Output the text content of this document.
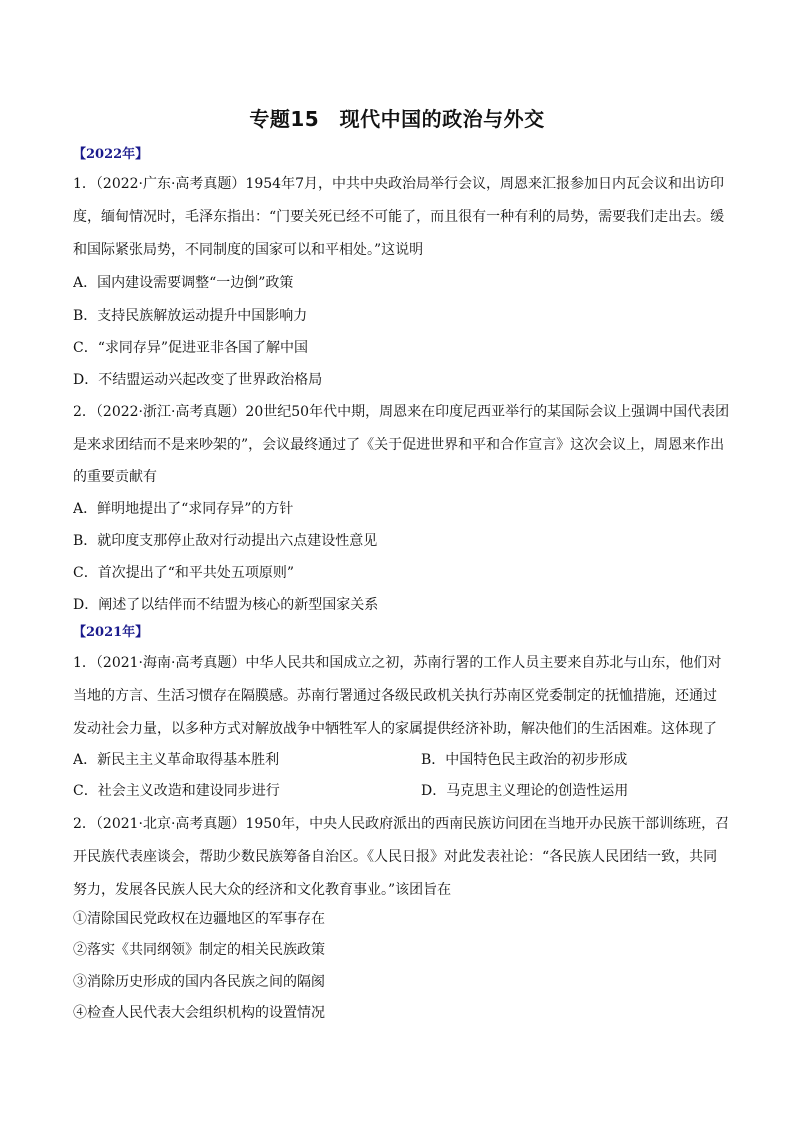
专题15　现代中国的政治与外交
【2022年】
1．（2022·广东·高考真题）1954年7月，中共中央政治局举行会议，周恩来汇报参加日内瓦会议和出访印
度，缅甸情况时，毛泽东指出：“门要关死已经不可能了，而且很有一种有利的局势，需要我们走出去。缓
和国际紧张局势，不同制度的国家可以和平相处。”这说明
A．国内建设需要调整“一边倒”政策
B．支持民族解放运动提升中国影响力
C．“求同存异”促进亚非各国了解中国
D．不结盟运动兴起改变了世界政治格局
2．（2022·浙江·高考真题）20世纪50年代中期，周恩来在印度尼西亚举行的某国际会议上强调中国代表团
是来求团结而不是来吵架的”，会议最终通过了《关于促进世界和平和合作宣言》这次会议上，周恩来作出
的重要贡献有
A．鲜明地提出了“求同存异”的方针
B．就印度支那停止敌对行动提出六点建设性意见
C．首次提出了“和平共处五项原则”
D．阐述了以结伴而不结盟为核心的新型国家关系
【2021年】
1．（2021·海南·高考真题）中华人民共和国成立之初，苏南行署的工作人员主要来自苏北与山东，他们对
当地的方言、生活习惯存在隔膜感。苏南行署通过各级民政机关执行苏南区党委制定的抚恤措施，还通过
发动社会力量，以多种方式对解放战争中牺牲军人的家属提供经济补助，解决他们的生活困难。这体现了
A．新民主主义革命取得基本胜利	B．中国特色民主政治的初步形成
C．社会主义改造和建设同步进行	D．马克思主义理论的创造性运用
2．（2021·北京·高考真题）1950年，中央人民政府派出的西南民族访问团在当地开办民族干部训练班，召
开民族代表座谈会，帮助少数民族筹备自治区。《人民日报》对此发表社论：“各民族人民团结一致，共同
努力，发展各民族人民大众的经济和文化教育事业。”该团旨在
①清除国民党政权在边疆地区的军事存在
②落实《共同纲领》制定的相关民族政策
③消除历史形成的国内各民族之间的隔阂
④检查人民代表大会组织机构的设置情况
